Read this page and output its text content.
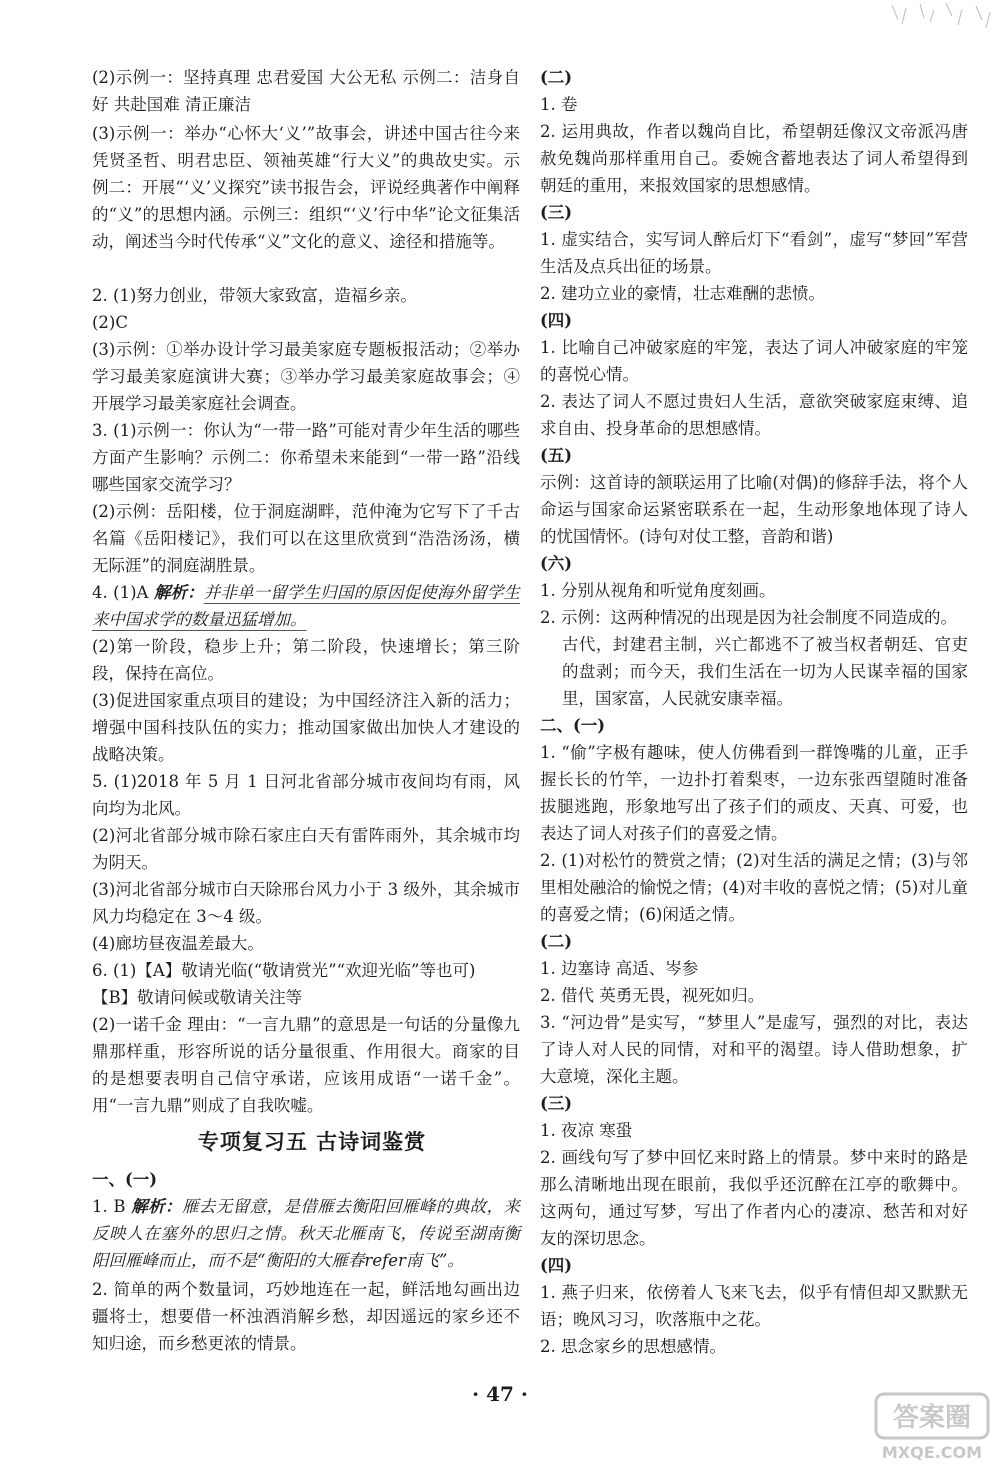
(2)示例一：坚持真理 忠君爱国 大公无私 示例二：洁身自好 共赴国难 清正廉洁
(3)示例一：举办“心怀大‘义’”故事会，讲述中国古往今来凭贤圣哲、明君忠臣、领袖英雄“行大义”的典故史实。示例二：开展“‘义’义探究”读书报告会，评说经典著作中阐释的“义”的思想内涵。示例三：组织“‘义’行中华”论文征集活动，阐述当今时代传承“义”文化的意义、途径和措施等。
2. (1)努力创业，带领大家致富，造福乡亲。
(2)C
(3)示例：①举办设计学习最美家庭专题板报活动；②举办学习最美家庭演讲大赛；③举办学习最美家庭故事会；④开展学习最美家庭社会调查。
3. (1)示例一：你认为“一带一路”可能对青少年生活的哪些方面产生影响？示例二：你希望未来能到“一带一路”沿线哪些国家交流学习？
(2)示例：岳阳楼，位于洞庭湖畔，范仲淹为它写下了千古名篇《岳阳楼记》，我们可以在这里欣赏到“浩浩汤汤，横无际涯”的洞庭湖胜景。
4. (1)A 解析：并非单一留学生归国的原因促使海外留学生来中国求学的数量迅猛增加。
(2)第一阶段，稳步上升；第二阶段，快速增长；第三阶段，保持在高位。
(3)促进国家重点项目的建设；为中国经济注入新的活力；增强中国科技队伍的实力；推动国家做出加快人才建设的战略决策。
5. (1)2018 年 5 月 1 日河北省部分城市夜间均有雨，风向均为北风。
(2)河北省部分城市除石家庄白天有雷阵雨外，其余城市均为阴天。
(3)河北省部分城市白天除邢台风力小于 3 级外，其余城市风力均稳定在 3～4 级。
(4)廊坊昼夜温差最大。
6. (1)【A】敬请光临(“敬请赏光”“欢迎光临”等也可)
【B】敬请问候或敬请关注等
(2)一诺千金 理由：“一言九鼎”的意思是一句话的分量像九鼎那样重，形容所说的话分量很重、作用很大。商家的目的是想要表明自己信守承诺，应该用成语“一诺千金”。用“一言九鼎”则成了自我吹嘘。
专项复习五 古诗词鉴赏
一、(一)
1. B 解析：雁去无留意，是借雁去衡阳回雁峰的典故，来反映人在塞外的思归之情。秋天北雁南飞，传说至湖南衡阳回雁峰而止，而不是“衡阳的大雁春refer南飞”。
2. 简单的两个数量词，巧妙地连在一起，鲜活地勾画出边疆将士，想要借一杯浊酒消解乡愁，却因遥远的家乡还不知归途，而乡愁更浓的情景。
(二)
1. 卷
2. 运用典故，作者以魏尚自比，希望朝廷像汉文帝派冯唐赦免魏尚那样重用自己。委婉含蓄地表达了词人希望得到朝廷的重用，来报效国家的思想感情。
(三)
1. 虚实结合，实写词人醉后灯下“看剑”，虚写“梦回”军营生活及点兵出征的场景。
2. 建功立业的豪情，壮志难酬的悲愤。
(四)
1. 比喻自己冲破家庭的牢笼，表达了词人冲破家庭的牢笼的喜悦心情。
2. 表达了词人不愿过贵妇人生活，意欲突破家庭束缚、追求自由、投身革命的思想感情。
(五)
示例：这首诗的颔联运用了比喻(对偶)的修辞手法，将个人命运与国家命运紧密联系在一起，生动形象地体现了诗人的忧国情怀。(诗句对仗工整，音韵和谐)
(六)
1. 分别从视角和听觉角度刻画。
2. 示例：这两种情况的出现是因为社会制度不同造成的。
古代，封建君主制，兴亡都逃不了被当权者朝廷、官吏的盘剥；而今天，我们生活在一切为人民谋幸福的国家里，国家富，人民就安康幸福。
二、(一)
1. “偷”字极有趣味，使人仿佛看到一群馋嘴的儿童，正手握长长的竹竿，一边扑打着梨枣，一边东张西望随时准备拔腿逃跑，形象地写出了孩子们的顽皮、天真、可爱，也表达了词人对孩子们的喜爱之情。
2. (1)对松竹的赞赏之情；(2)对生活的满足之情；(3)与邻里相处融洽的愉悦之情；(4)对丰收的喜悦之情；(5)对儿童的喜爱之情；(6)闲适之情。
(二)
1. 边塞诗 高适、岑参
2. 借代 英勇无畏，视死如归。
3. “河边骨”是实写，“梦里人”是虚写，强烈的对比，表达了诗人对人民的同情，对和平的渴望。诗人借助想象，扩大意境，深化主题。
(三)
1. 夜凉 寒蛩
2. 画线句写了梦中回忆来时路上的情景。梦中来时的路是那么清晰地出现在眼前，我似乎还沉醉在江亭的歌舞中。这两句，通过写梦，写出了作者内心的凄凉、愁苦和对好友的深切思念。
(四)
1. 燕子归来，依傍着人飞来飞去，似乎有情但却又默默无语；晚风习习，吹落瓶中之花。
2. 思念家乡的思想感情。
· 47 ·
答案圈
MXQE.COM
